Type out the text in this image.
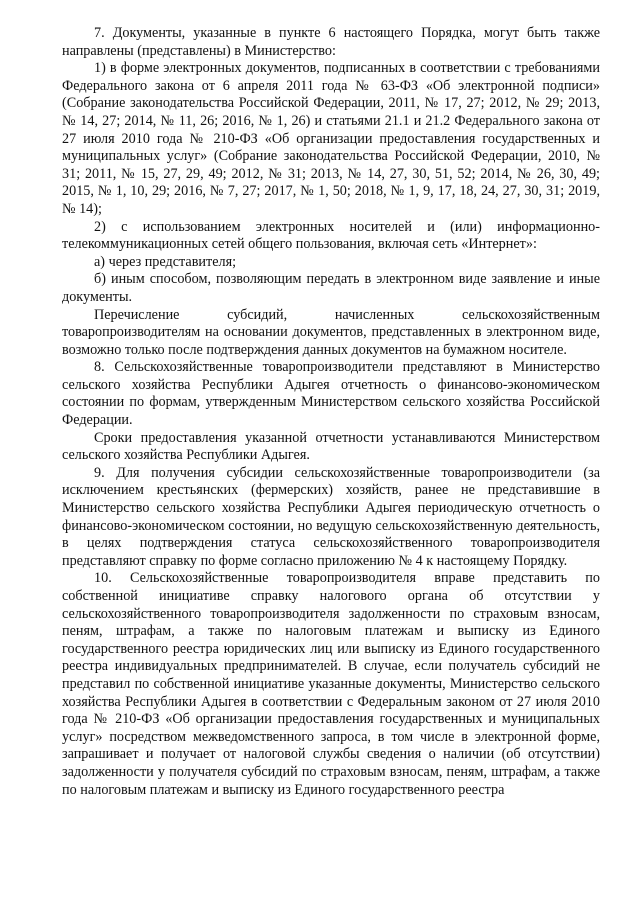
7. Документы, указанные в пункте 6 настоящего Порядка, могут быть также направлены (представлены) в Министерство:

1) в форме электронных документов, подписанных в соответствии с требованиями Федерального закона от 6 апреля 2011 года № 63-ФЗ «Об электронной подписи» (Собрание законодательства Российской Федерации, 2011, № 17, 27; 2012, № 29; 2013, № 14, 27; 2014, № 11, 26; 2016, № 1, 26) и статьями 21.1 и 21.2 Федерального закона от 27 июля 2010 года № 210-ФЗ «Об организации предоставления государственных и муниципальных услуг» (Собрание законодательства Российской Федерации, 2010, № 31; 2011, № 15, 27, 29, 49; 2012, № 31; 2013, № 14, 27, 30, 51, 52; 2014, № 26, 30, 49; 2015, № 1, 10, 29; 2016, № 7, 27; 2017, № 1, 50; 2018, № 1, 9, 17, 18, 24, 27, 30, 31; 2019, № 14);

2) с использованием электронных носителей и (или) информационно-телекоммуникационных сетей общего пользования, включая сеть «Интернет»:

а) через представителя;

б) иным способом, позволяющим передать в электронном виде заявление и иные документы.

Перечисление субсидий, начисленных сельскохозяйственным товаропроизводителям на основании документов, представленных в электронном виде, возможно только после подтверждения данных документов на бумажном носителе.

8. Сельскохозяйственные товаропроизводители представляют в Министерство сельского хозяйства Республики Адыгея отчетность о финансово-экономическом состоянии по формам, утвержденным Министерством сельского хозяйства Российской Федерации.

Сроки предоставления указанной отчетности устанавливаются Министерством сельского хозяйства Республики Адыгея.

9. Для получения субсидии сельскохозяйственные товаропроизводители (за исключением крестьянских (фермерских) хозяйств, ранее не представившие в Министерство сельского хозяйства Республики Адыгея периодическую отчетность о финансово-экономическом состоянии, но ведущую сельскохозяйственную деятельность, в целях подтверждения статуса сельскохозяйственного товаропроизводителя представляют справку по форме согласно приложению № 4 к настоящему Порядку.

10. Сельскохозяйственные товаропроизводителя вправе представить по собственной инициативе справку налогового органа об отсутствии у сельскохозяйственного товаропроизводителя задолженности по страховым взносам, пеням, штрафам, а также по налоговым платежам и выписку из Единого государственного реестра юридических лиц или выписку из Единого государственного реестра индивидуальных предпринимателей. В случае, если получатель субсидий не представил по собственной инициативе указанные документы, Министерство сельского хозяйства Республики Адыгея в соответствии с Федеральным законом от 27 июля 2010 года № 210-ФЗ «Об организации предоставления государственных и муниципальных услуг» посредством межведомственного запроса, в том числе в электронной форме, запрашивает и получает от налоговой службы сведения о наличии (об отсутствии) задолженности у получателя субсидий по страховым взносам, пеням, штрафам, а также по налоговым платежам и выписку из Единого государственного реестра
